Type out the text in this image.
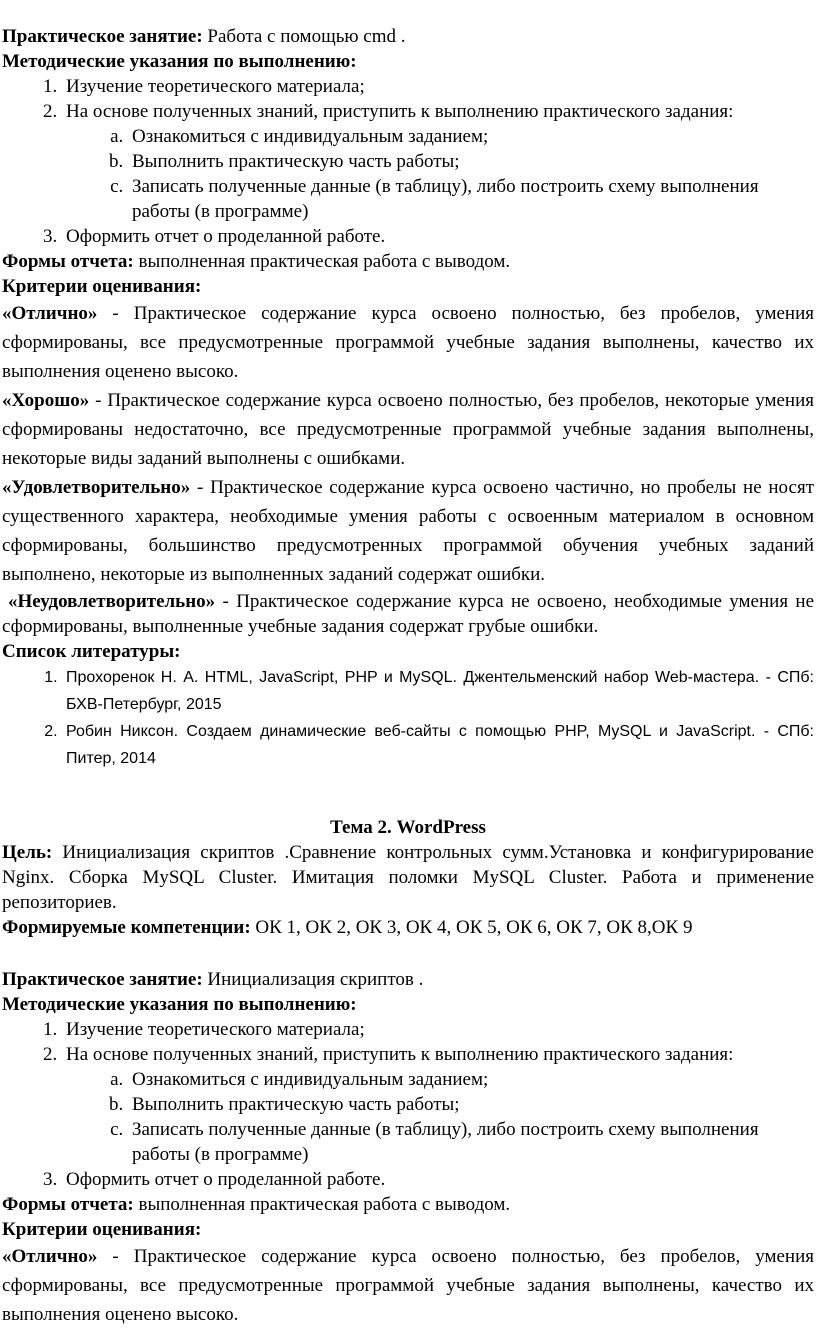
Практическое занятие: Работа с помощью cmd .

Методические указания по выполнению:

1. Изучение теоретического материала;
2. На основе полученных знаний, приступить к выполнению практического задания:
a. Ознакомиться с индивидуальным заданием;
b. Выполнить практическую часть работы;
c. Записать полученные данные (в таблицу), либо построить схему выполнения работы (в программе)
3. Оформить отчет о проделанной работе.

Формы отчета: выполненная практическая работа с выводом.

Критерии оценивания:

«Отлично» - Практическое содержание курса освоено полностью, без пробелов, умения сформированы, все предусмотренные программой учебные задания выполнены, качество их выполнения оценено высоко.

«Хорошо» - Практическое содержание курса освоено полностью, без пробелов, некоторые умения сформированы недостаточно, все предусмотренные программой учебные задания выполнены, некоторые виды заданий выполнены с ошибками.

«Удовлетворительно» - Практическое содержание курса освоено частично, но пробелы не носят существенного характера, необходимые умения работы с освоенным материалом в основном сформированы, большинство предусмотренных программой обучения учебных заданий выполнено, некоторые из выполненных заданий содержат ошибки.

«Неудовлетворительно» - Практическое содержание курса не освоено, необходимые умения не сформированы, выполненные учебные задания содержат грубые ошибки.

Список литературы:

1. Прохоренок Н. А. HTML, JavaScript, PHP и MySQL. Джентельменский набор Web-мастера. - СПб: БХВ-Петербург, 2015
2. Робин Никсон. Создаем динамические веб-сайты с помощью PHP, MySQL и JavaScript. - СПб: Питер, 2014

Тема 2. WordPress

Цель: Инициализация скриптов .Сравнение контрольных сумм.Установка и конфигурирование Nginx. Сборка MySQL Cluster. Имитация поломки MySQL Cluster. Работа и применение репозиториев.

Формируемые компетенции: ОК 1, ОК 2, ОК 3, ОК 4, ОК 5, ОК 6, ОК 7, ОК 8,ОК 9

Практическое занятие: Инициализация скриптов .

Методические указания по выполнению:

1. Изучение теоретического материала;
2. На основе полученных знаний, приступить к выполнению практического задания:
a. Ознакомиться с индивидуальным заданием;
b. Выполнить практическую часть работы;
c. Записать полученные данные (в таблицу), либо построить схему выполнения работы (в программе)
3. Оформить отчет о проделанной работе.

Формы отчета: выполненная практическая работа с выводом.

Критерии оценивания:

«Отлично» - Практическое содержание курса освоено полностью, без пробелов, умения сформированы, все предусмотренные программой учебные задания выполнены, качество их выполнения оценено высоко.
